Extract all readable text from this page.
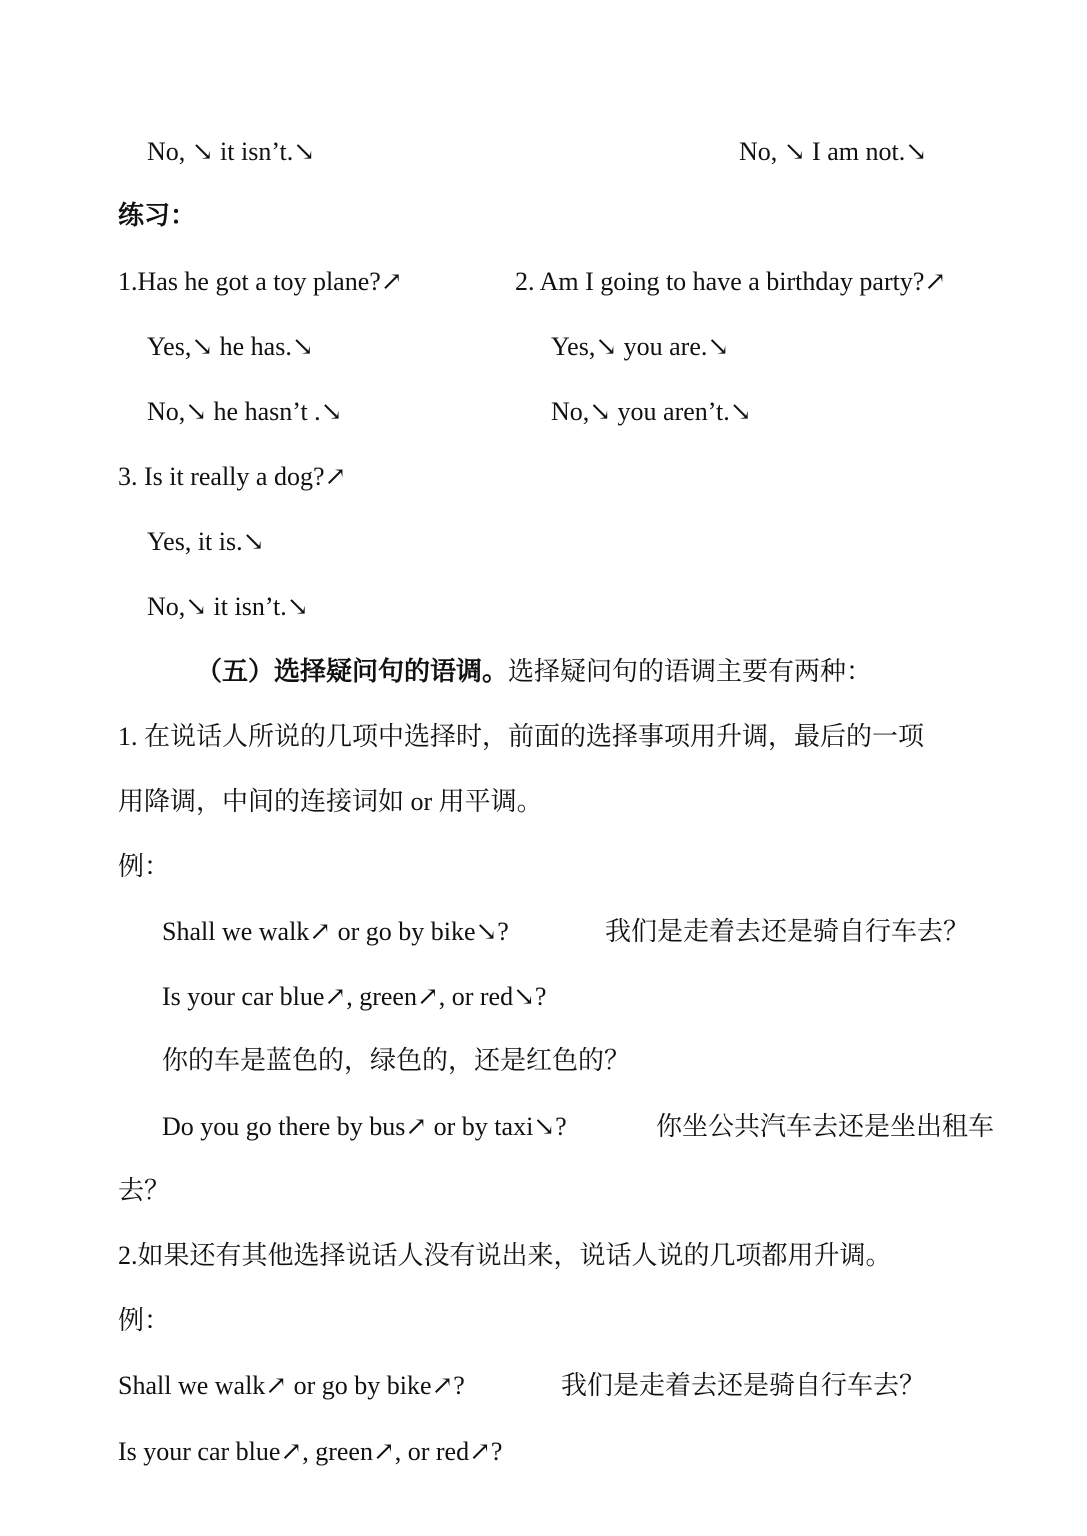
No, ↘ it isn’t.↘	No, ↘ I am not.↘
练习：
1.Has he got a toy plane?↗	2. Am I going to have a birthday party?↗
Yes,↘ he has.↘	Yes,↘ you are.↘
No,↘ he hasn’t .↘	No,↘ you aren’t.↘
3. Is it really a dog?↗
Yes, it is.↘
No,↘ it isn’t.↘
（五）选择疑问句的语调。选择疑问句的语调主要有两种：
1. 在说话人所说的几项中选择时，前面的选择事项用升调，最后的一项
用降调，中间的连接词如 or 用平调。
例：
Shall we walk↗ or go by bike↘?	我们是走着去还是骑自行车去？
Is your car blue↗, green↗, or red↘?
你的车是蓝色的，绿色的，还是红色的？
Do you go there by bus↗ or by taxi↘?	你坐公共汽车去还是坐出租车
去？
2.如果还有其他选择说话人没有说出来，说话人说的几项都用升调。
例：
Shall we walk↗ or go by bike↗?	我们是走着去还是骑自行车去？
Is your car blue↗, green↗, or red↗?
